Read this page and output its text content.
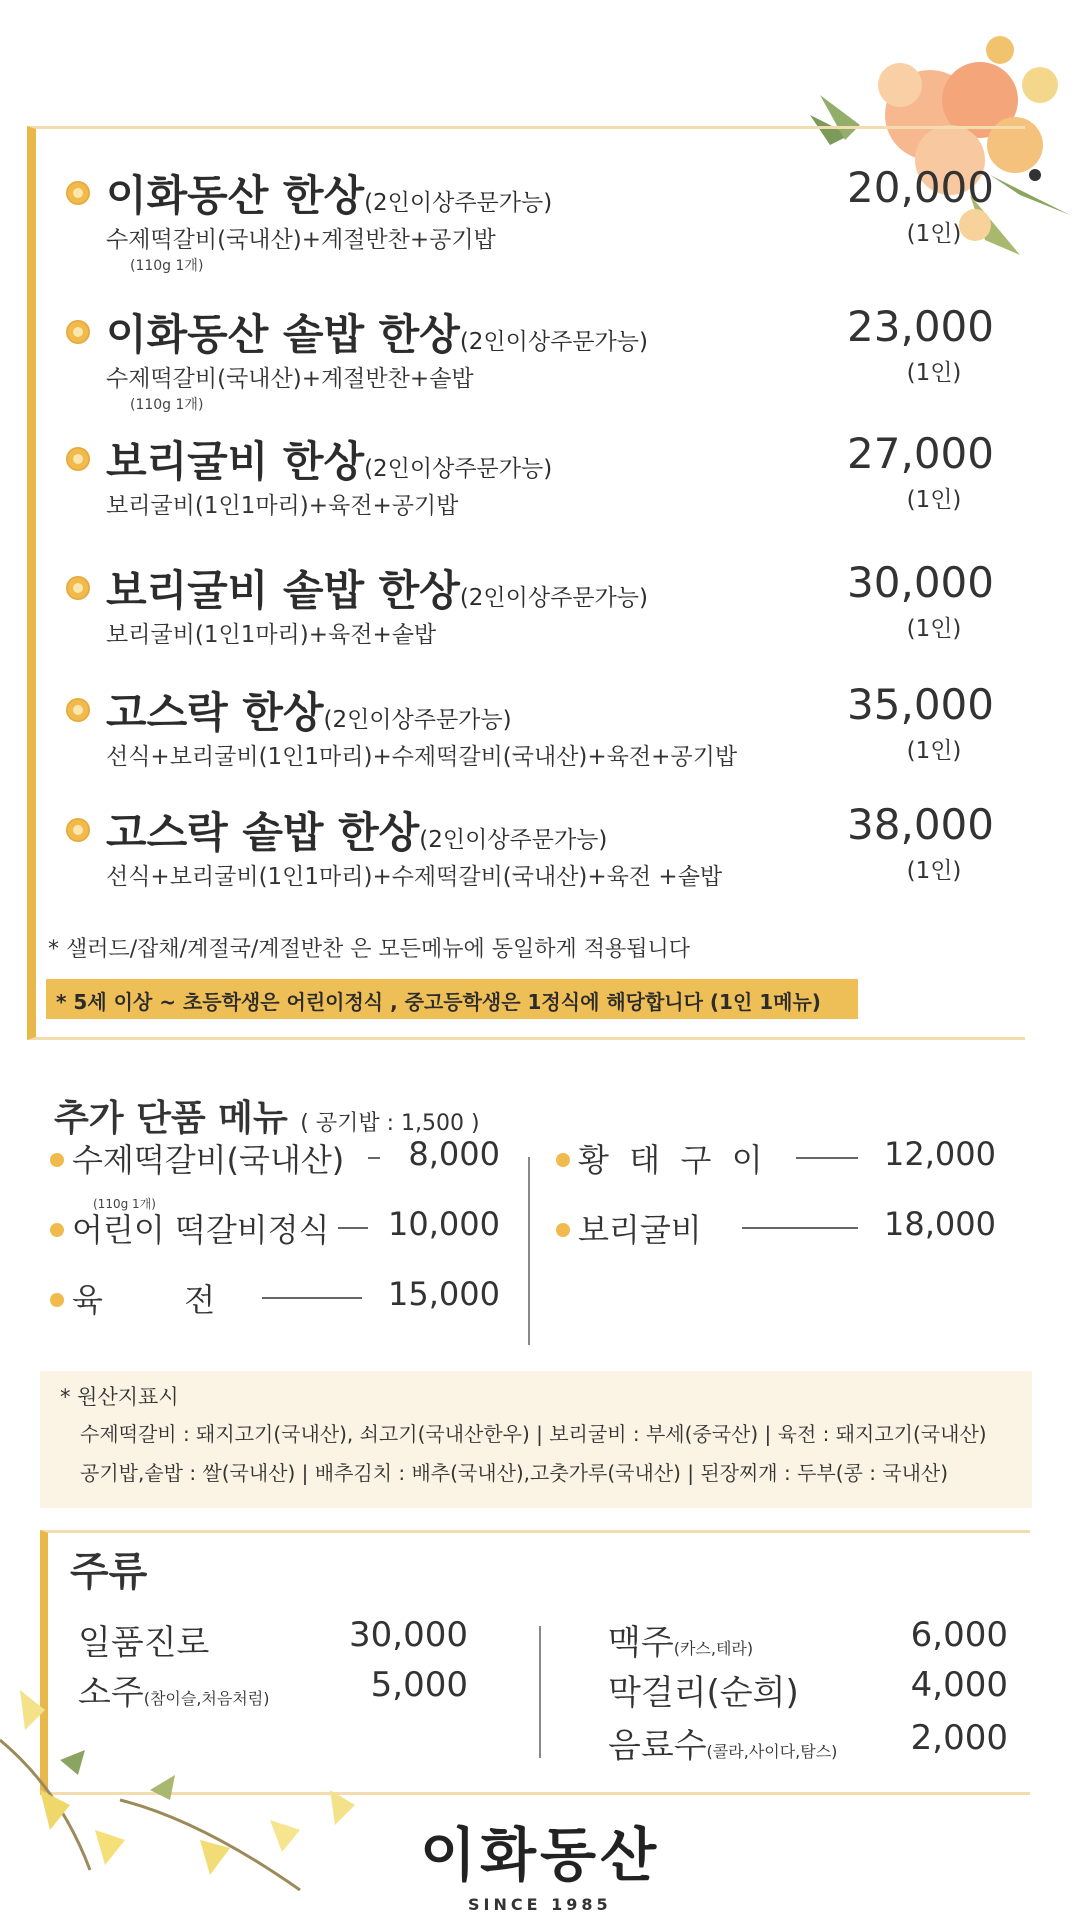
이화동산 한상(2인이상주문가능)
수제떡갈비(국내산)+계절반찬+공기밥
(110g 1개)
20,000
(1인)
이화동산 솥밥 한상(2인이상주문가능)
수제떡갈비(국내산)+계절반찬+솥밥
(110g 1개)
23,000
(1인)
보리굴비 한상(2인이상주문가능)
보리굴비(1인1마리)+육전+공기밥
27,000
(1인)
보리굴비 솥밥 한상(2인이상주문가능)
보리굴비(1인1마리)+육전+솥밥
30,000
(1인)
고스락 한상(2인이상주문가능)
선식+보리굴비(1인1마리)+수제떡갈비(국내산)+육전+공기밥
35,000
(1인)
고스락 솥밥 한상(2인이상주문가능)
선식+보리굴비(1인1마리)+수제떡갈비(국내산)+육전 +솥밥
38,000
(1인)
* 샐러드/잡채/계절국/계절반찬 은 모든메뉴에 동일하게 적용됩니다
* 5세 이상 ~ 초등학생은 어린이정식 , 중고등학생은 1정식에 해당합니다 (1인 1메뉴)
추가 단품 메뉴 ( 공기밥 : 1,500 )
수제떡갈비(국내산)	8,000
(110g 1개)
어린이 떡갈비정식 10,000
육        전	15,000
황  태  구  이	12,000
보리굴비	18,000
* 원산지표시
수제떡갈비 : 돼지고기(국내산), 쇠고기(국내산한우) | 보리굴비 : 부세(중국산) | 육전 : 돼지고기(국내산)
공기밥,솥밥 : 쌀(국내산) | 배추김치 : 배추(국내산),고춧가루(국내산) | 된장찌개 : 두부(콩 : 국내산)
주류
일품진로	30,000
소주(참이슬,처음처럼)	5,000
맥주(카스,테라)	6,000
막걸리(순희)	4,000
음료수(콜라,사이다,탐스)	2,000
이화동산
SINCE 1985
